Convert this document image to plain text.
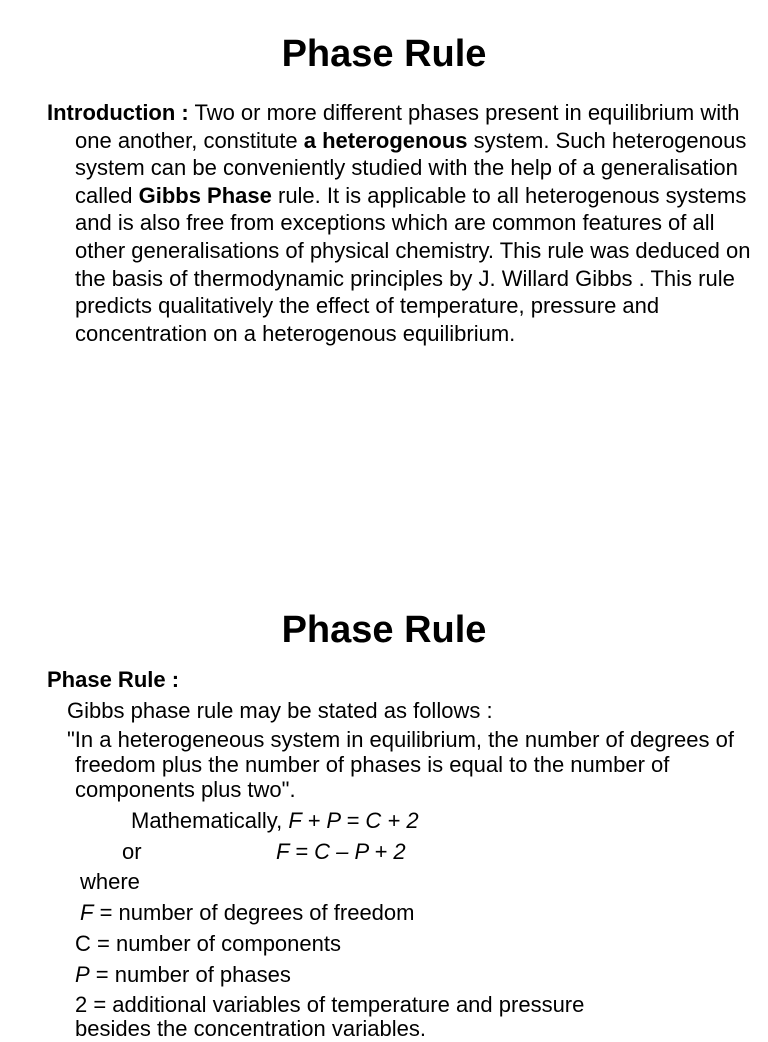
Phase Rule
Introduction : Two or more different phases present in equilibrium with one another, constitute a heterogenous system. Such heterogenous system can be conveniently studied with the help of a generalisation called Gibbs Phase rule. It is applicable to all heterogenous systems and is also free from exceptions which are common features of all other generalisations of physical chemistry. This rule was deduced on the basis of thermodynamic principles by J. Willard Gibbs . This rule predicts qualitatively the effect of temperature, pressure and concentration on a heterogenous equilibrium.
Phase Rule
Phase Rule :
Gibbs phase rule may be stated as follows :
"In a heterogeneous system in equilibrium, the number of degrees of freedom plus the number of phases is equal to the number of components plus two".
Mathematically, F + P = C + 2
or	F = C – P + 2
where
F = number of degrees of freedom
C = number of components
P = number of phases
2 = additional variables of temperature and pressure
besides the concentration variables.
